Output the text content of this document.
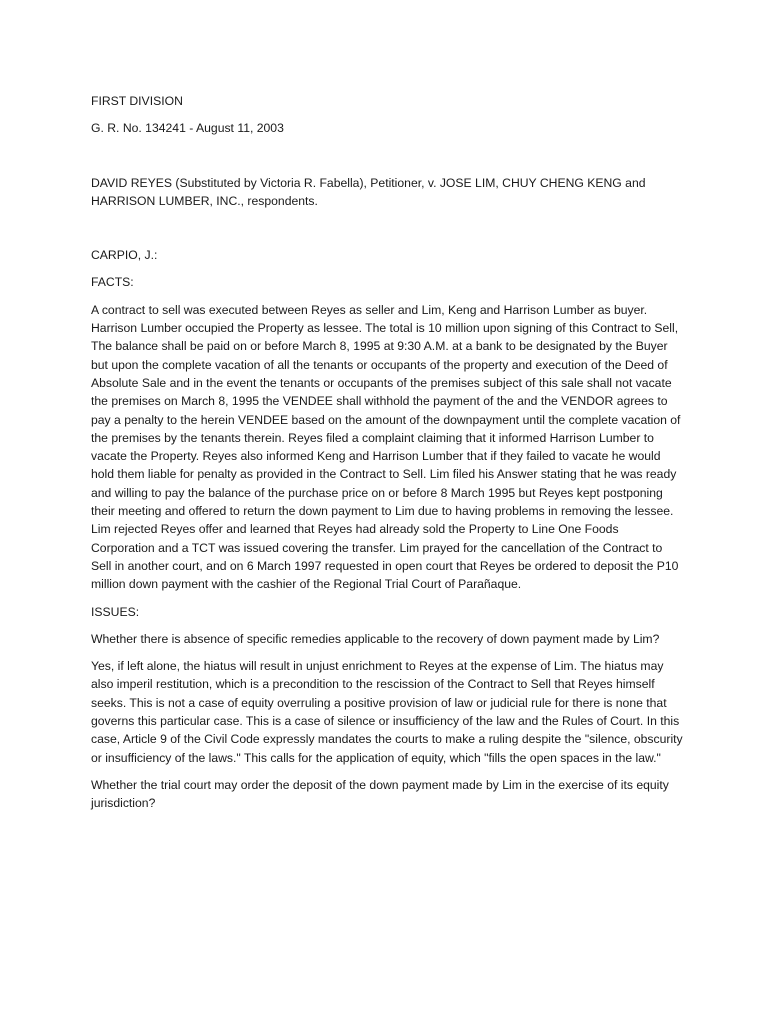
FIRST DIVISION

G. R. No. 134241 - August 11, 2003

DAVID REYES (Substituted by Victoria R. Fabella), Petitioner, v. JOSE LIM, CHUY CHENG KENG and HARRISON LUMBER, INC., respondents.

CARPIO, J.:

FACTS:

A contract to sell was executed between Reyes as seller and Lim, Keng and Harrison Lumber as buyer. Harrison Lumber occupied the Property as lessee. The total is 10 million upon signing of this Contract to Sell, The balance shall be paid on or before March 8, 1995 at 9:30 A.M. at a bank to be designated by the Buyer but upon the complete vacation of all the tenants or occupants of the property and execution of the Deed of Absolute Sale and in the event the tenants or occupants of the premises subject of this sale shall not vacate the premises on March 8, 1995 the VENDEE shall withhold the payment of the and the VENDOR agrees to pay a penalty to the herein VENDEE based on the amount of the downpayment until the complete vacation of the premises by the tenants therein. Reyes filed a complaint claiming that it informed Harrison Lumber to vacate the Property. Reyes also informed Keng and Harrison Lumber that if they failed to vacate he would hold them liable for penalty as provided in the Contract to Sell. Lim filed his Answer stating that he was ready and willing to pay the balance of the purchase price on or before 8 March 1995 but Reyes kept postponing their meeting and offered to return the down payment to Lim due to having problems in removing the lessee. Lim rejected Reyes offer and learned that Reyes had already sold the Property to Line One Foods Corporation and a TCT was issued covering the transfer. Lim prayed for the cancellation of the Contract to Sell in another court, and on 6 March 1997 requested in open court that Reyes be ordered to deposit the P10 million down payment with the cashier of the Regional Trial Court of Parañaque.

ISSUES:

Whether there is absence of specific remedies applicable to the recovery of down payment made by Lim?

Yes, if left alone, the hiatus will result in unjust enrichment to Reyes at the expense of Lim. The hiatus may also imperil restitution, which is a precondition to the rescission of the Contract to Sell that Reyes himself seeks. This is not a case of equity overruling a positive provision of law or judicial rule for there is none that governs this particular case. This is a case of silence or insufficiency of the law and the Rules of Court. In this case, Article 9 of the Civil Code expressly mandates the courts to make a ruling despite the "silence, obscurity or insufficiency of the laws." This calls for the application of equity, which "fills the open spaces in the law."

Whether the trial court may order the deposit of the down payment made by Lim in the exercise of its equity jurisdiction?
